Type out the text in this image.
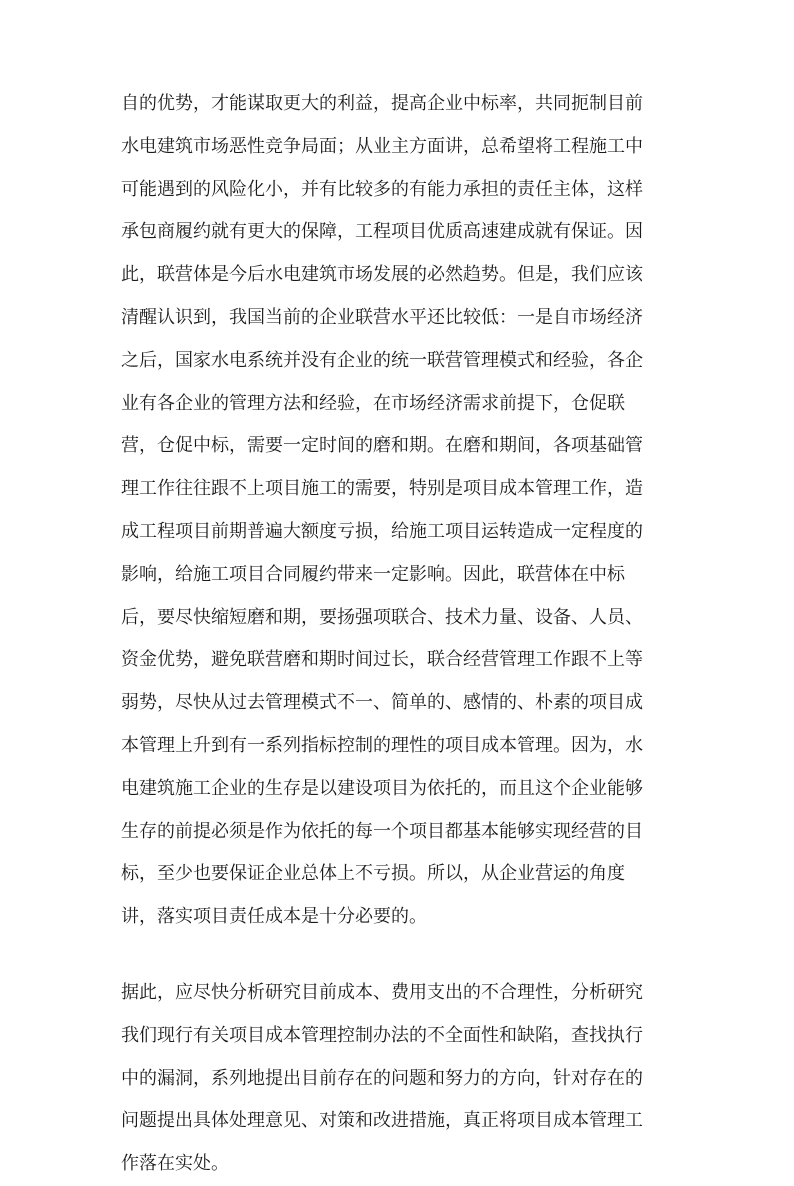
自的优势，才能谋取更大的利益，提高企业中标率，共同扼制目前
水电建筑市场恶性竞争局面；从业主方面讲，总希望将工程施工中
可能遇到的风险化小，并有比较多的有能力承担的责任主体，这样
承包商履约就有更大的保障，工程项目优质高速建成就有保证。因
此，联营体是今后水电建筑市场发展的必然趋势。但是，我们应该
清醒认识到，我国当前的企业联营水平还比较低：一是自市场经济
之后，国家水电系统并没有企业的统一联营管理模式和经验，各企
业有各企业的管理方法和经验，在市场经济需求前提下，仓促联
营，仓促中标，需要一定时间的磨和期。在磨和期间，各项基础管
理工作往往跟不上项目施工的需要，特别是项目成本管理工作，造
成工程项目前期普遍大额度亏损，给施工项目运转造成一定程度的
影响，给施工项目合同履约带来一定影响。因此，联营体在中标
后，要尽快缩短磨和期，要扬强项联合、技术力量、设备、人员、
资金优势，避免联营磨和期时间过长，联合经营管理工作跟不上等
弱势，尽快从过去管理模式不一、简单的、感情的、朴素的项目成
本管理上升到有一系列指标控制的理性的项目成本管理。因为，水
电建筑施工企业的生存是以建设项目为依托的，而且这个企业能够
生存的前提必须是作为依托的每一个项目都基本能够实现经营的目
标，至少也要保证企业总体上不亏损。所以，从企业营运的角度
讲，落实项目责任成本是十分必要的。
据此，应尽快分析研究目前成本、费用支出的不合理性，分析研究
我们现行有关项目成本管理控制办法的不全面性和缺陷，查找执行
中的漏洞，系列地提出目前存在的问题和努力的方向，针对存在的
问题提出具体处理意见、对策和改进措施，真正将项目成本管理工
作落在实处。
